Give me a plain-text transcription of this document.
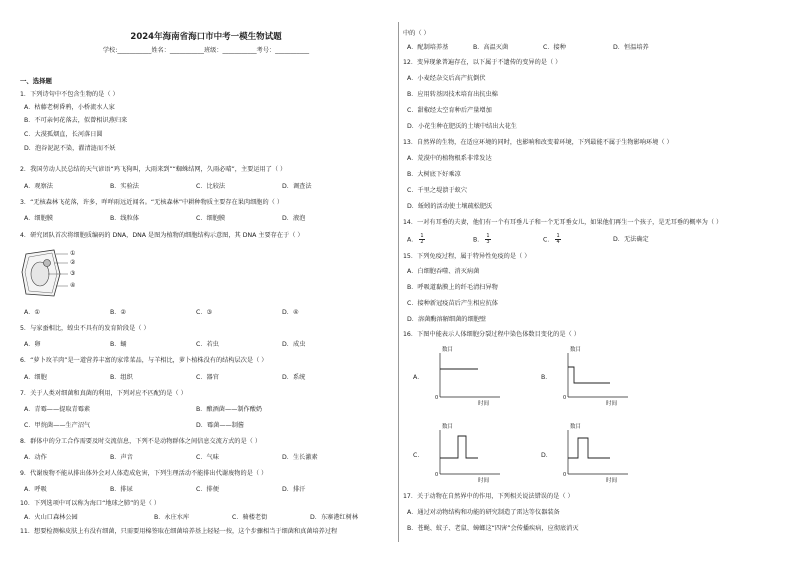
2024年海南省海口市中考一模生物试题
学校:___________姓名：___________班级：___________考号：___________
一、选择题
1．下列诗句中不包含生物的是（ ）
A．枯藤老树昏鸦，小桥流水人家
B．不可亲何花落去，似曾相识燕归来
C．大漠孤烟直，长河落日圆
D．泡谷泥泥不染，濯清涟而不妖
2．我国劳动人民总结的天气谚语“鸡飞狗叫，大雨来到”“蜘蛛结网，久雨必晴”，主要运用了（ ）
A．观察法	B．实验法	C．比较法	D．调查法
3．“无核森林飞花落，许多，咩咩雨远近闻名。“无核森林”中耕种物质主要存在果肉细胞的（ ）
A．细胞膜	B．线粒体	C．细胞膜	D．液泡
4．研究团队首次将细胞质编码的 DNA，DNA 是图为植物的细胞结构示意图，其 DNA 主要存在于（ ）
①
②
③
④
A．①	B．②	C．③	D．④
5．与家蚕相比，蝗虫不具有的发育阶段是（ ）
A．卵	B．蛹	C．若虫	D．成虫
6．“萝卜玫羊肉”是一道营养丰富的家常菜品，与羊相比，萝卜植株没有的结构层次是（ ）
A．细胞	B．组织	C．器官	D．系统
7．关于人类对细菌和真菌的利用，下列对应不匹配的是（ ）
A．青霉——提取青霉素	B．酿酒菌——制作酸奶
C．甲烷菌——生产沼气	D．霉菌——制酱
8．群体中的分工合作需要及时交流信息，下列不是动物群体之间信息交流方式的是（ ）
A．动作	B．声音	C．气味	D．生长激素
9．代谢废物不能从排出体外会对人体造成危害，下列生理活动不能排出代谢废物的是（ ）
A．呼吸	B．排尿	C．排便	D．排汗
10．下列选项中可以称为海口“地球之肺”的是（ ）
A．火山口森林公园	B．永庄水库	C．骑楼老街	D．东寨港红树林
11．想要检测棉皮肤上有没有细菌，只需要用棉签取在细菌培养基上轻轻一按，这个步骤相当于细菌和真菌培养过程
中的（ ）
A．配制培养基	B．高温灭菌	C．接种	D．恒温培养
12．变异现象普遍存在，以下属于不遗传的变异的是（ ）
A．小麦经杂交后高产抗倒伏
B．应用转基因技术培育出抗虫棉
C．甜椒经太空育种后产量增加
D．小花生种在肥沃的土壤中结出大花生
13．自然界的生物，在适应环境的同时，也影响和改变着环境，下列最能不属于生物影响环境（ ）
A．荒漠中的植物根系非常发达
B．大树底下好乘凉
C．千里之堤溃于蚁穴
D．蚯蚓的活动使土壤疏松肥沃
14．一对有耳垂的夫妻，他们有一个有耳垂儿子和一个无耳垂女儿，如果他们再生一个孩子，是无耳垂的概率为（ ）
A． $\frac{1}{2}$	B． $\frac{1}{3}$	C． $\frac{1}{4}$	D．无法确定
15．下列免疫过程，属于特异性免疫的是（ ）
A．白细胞吞噬、消灭病菌
B．呼吸道黏膜上的纤毛清扫异物
C．接种新冠疫苗后产生相应抗体
D．溶菌酶溶解细菌的细胞壁
16．下图中能表示人体细胞分裂过程中染色体数目变化的是（ ）
A．	B．
C．	D．
17．关于动物在自然界中的作用，下列相关说法错误的是（ ）
A．通过对动物结构和功能的研究制造了雷达等仪器装备
B．苍蝇、蚊子、老鼠、蟑螂这“四害”会传播疾病，应彻底消灭
数目
时间
0
数目
时间
0
数目
时间
0
数目
时间
0
